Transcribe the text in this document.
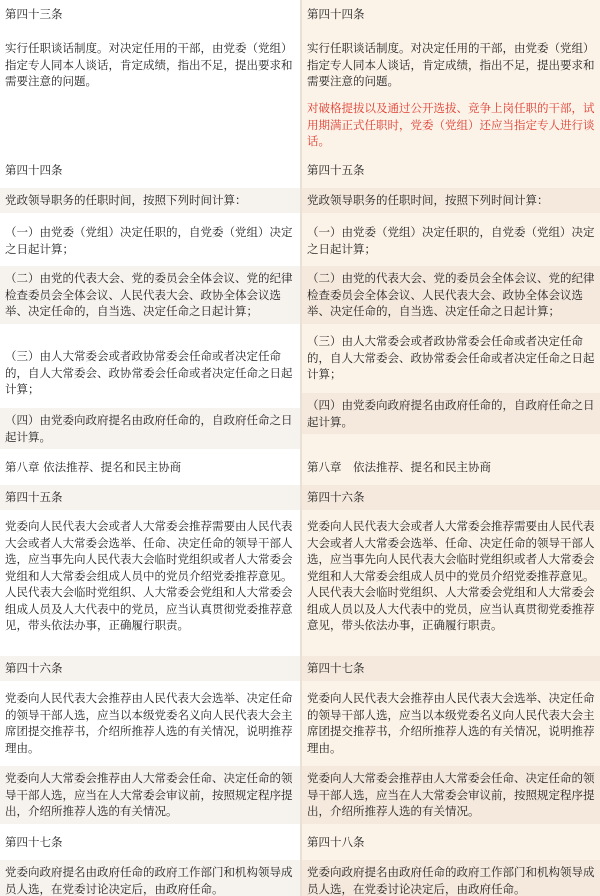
第四十三条
实行任职谈话制度。对决定任用的干部，由党委（党组）指定专人同本人谈话，肯定成绩，指出不足，提出要求和需要注意的问题。
第四十四条
党政领导职务的任职时间，按照下列时间计算：
（一）由党委（党组）决定任职的，自党委（党组）决定之日起计算；
（二）由党的代表大会、党的委员会全体会议、党的纪律检查委员会全体会议、人民代表大会、政协全体会议选举、决定任命的，自当选、决定任命之日起计算；
（三）由人大常委会或者政协常委会任命或者决定任命的，自人大常委会、政协常委会任命或者决定任命之日起计算；
（四）由党委向政府提名由政府任命的，自政府任命之日起计算。
第八章 依法推荐、提名和民主协商
第四十五条
党委向人民代表大会或者人大常委会推荐需要由人民代表大会或者人大常委会选举、任命、决定任命的领导干部人选，应当事先向人民代表大会临时党组织或者人大常委会党组和人大常委会组成人员中的党员介绍党委推荐意见。人民代表大会临时党组织、人大常委会党组和人大常委会组成人员及人大代表中的党员，应当认真贯彻党委推荐意见，带头依法办事，正确履行职责。
第四十六条
党委向人民代表大会推荐由人民代表大会选举、决定任命的领导干部人选，应当以本级党委名义向人民代表大会主席团提交推荐书，介绍所推荐人选的有关情况，说明推荐理由。
党委向人大常委会推荐由人大常委会任命、决定任命的领导干部人选，应当在人大常委会审议前，按照规定程序提出，介绍所推荐人选的有关情况。
第四十七条
党委向政府提名由政府任命的政府工作部门和机构领导成员人选，在党委讨论决定后，由政府任命。
第四十四条
实行任职谈话制度。对决定任用的干部，由党委（党组）指定专人同本人谈话，肯定成绩，指出不足，提出要求和需要注意的问题。
对破格提拔以及通过公开选拔、竞争上岗任职的干部，试用期满正式任职时，党委（党组）还应当指定专人进行谈话。
第四十五条
党政领导职务的任职时间，按照下列时间计算：
（一）由党委（党组）决定任职的，自党委（党组）决定之日起计算；
（二）由党的代表大会、党的委员会全体会议、党的纪律检查委员会全体会议、人民代表大会、政协全体会议选举、决定任命的，自当选、决定任命之日起计算；
（三）由人大常委会或者政协常委会任命或者决定任命的，自人大常委会、政协常委会任命或者决定任命之日起计算；
（四）由党委向政府提名由政府任命的，自政府任命之日起计算。
第八章　依法推荐、提名和民主协商
第四十六条
党委向人民代表大会或者人大常委会推荐需要由人民代表大会或者人大常委会选举、任命、决定任命的领导干部人选，应当事先向人民代表大会临时党组织或者人大常委会党组和人大常委会组成人员中的党员介绍党委推荐意见。人民代表大会临时党组织、人大常委会党组和人大常委会组成人员以及人大代表中的党员，应当认真贯彻党委推荐意见，带头依法办事，正确履行职责。
第四十七条
党委向人民代表大会推荐由人民代表大会选举、决定任命的领导干部人选，应当以本级党委名义向人民代表大会主席团提交推荐书，介绍所推荐人选的有关情况，说明推荐理由。
党委向人大常委会推荐由人大常委会任命、决定任命的领导干部人选，应当在人大常委会审议前，按照规定程序提出，介绍所推荐人选的有关情况。
第四十八条
党委向政府提名由政府任命的政府工作部门和机构领导成员人选，在党委讨论决定后，由政府任命。
